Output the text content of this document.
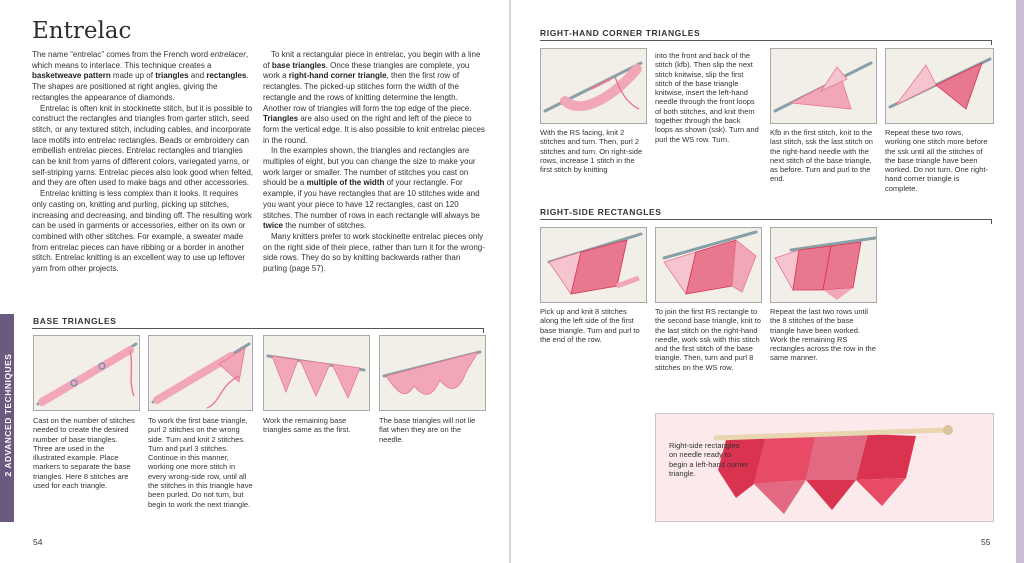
2 ADVANCED TECHNIQUES
Entrelac

The name “entrelac” comes from the French word entrelacer, which means to interlace. This technique creates a basketweave pattern made up of triangles and rectangles. The shapes are positioned at right angles, giving the rectangles the appearance of diamonds.

Entrelac is often knit in stockinette stitch, but it is possible to construct the rectangles and triangles from garter stitch, seed stitch, or any textured stitch, including cables, and incorporate lace motifs into entrelac rectangles. Beads or embroidery can embellish entrelac pieces. Entrelac rectangles and triangles can be knit from yarns of different colors, variegated yarns, or self-striping yarns. Entrelac pieces also look good when felted, and they are often used to make bags and other accessories.

Entrelac knitting is less complex than it looks. It requires only casting on, knitting and purling, picking up stitches, increasing and decreasing, and binding off. The resulting work can be used in garments or accessories, either on its own or combined with other stitches. For example, a sweater made from entrelac pieces can have ribbing or a border in another stitch. Entrelac knitting is an excellent way to use up leftover yarn from other projects.

To knit a rectangular piece in entrelac, you begin with a line of base triangles. Once these triangles are complete, you work a right-hand corner triangle, then the first row of rectangles. The picked-up stitches form the width of the rectangle and the rows of knitting determine the length. Another row of triangles will form the top edge of the piece. Triangles are also used on the right and left of the piece to form the vertical edge. It is also possible to knit entrelac pieces in the round.

In the examples shown, the triangles and rectangles are multiples of eight, but you can change the size to make your work larger or smaller. The number of stitches you cast on should be a multiple of the width of your rectangle. For example, if you have rectangles that are 10 stitches wide and you want your piece to have 12 rectangles, cast on 120 stitches. The number of rows in each rectangle will always be twice the number of stitches.

Many knitters prefer to work stockinette entrelac pieces only on the right side of their piece, rather than turn it for the wrong-side rows. They do so by knitting backwards rather than purling (page 57).

BASE TRIANGLES
Cast on the number of stitches needed to create the desired number of base triangles. Three are used in the illustrated example. Place markers to separate the base triangles. Here 8 stitches are used for each triangle.
To work the first base triangle, purl 2 stitches on the wrong side. Turn and knit 2 stitches. Turn and purl 3 stitches. Continue in this manner, working one more stitch in every wrong-side row, until all the stitches in this triangle have been purled. Do not turn, but begin to work the next triangle.
Work the remaining base triangles same as the first.
The base triangles will not lie flat when they are on the needle.
54
RIGHT-HAND CORNER TRIANGLES
With the RS facing, knit 2 stitches and turn. Then, purl 2 stitches and turn. On right-side rows, increase 1 stitch in the first stitch by knitting
into the front and back of the stitch (kfb). Then slip the next stitch knitwise, slip the first stitch of the base triangle knitwise, insert the left-hand needle through the front loops of both stitches, and knit them together through the back loops as shown (ssk). Turn and purl the WS row. Turn.
Kfb in the first stitch, knit to the last stitch, ssk the last stitch on the right-hand needle with the next stitch of the base triangle, as before. Turn and purl to the end.
Repeat these two rows, working one stitch more before the ssk until all the stitches of the base triangle have been worked. Do not turn. One right-hand corner triangle is complete.
RIGHT-SIDE RECTANGLES
Pick up and knit 8 stitches along the left side of the first base triangle. Turn and purl to the end of the row.
To join the first RS rectangle to the second base triangle, knit to the last stitch on the right-hand needle, work ssk with this stitch and the first stitch of the base triangle. Then, turn and purl 8 stitches on the WS row.
Repeat the last two rows until the 8 stitches of the base triangle have been worked. Work the remaining RS rectangles across the row in the same manner.
Right-side rectangles on needle ready to begin a left-hand corner triangle.
55
